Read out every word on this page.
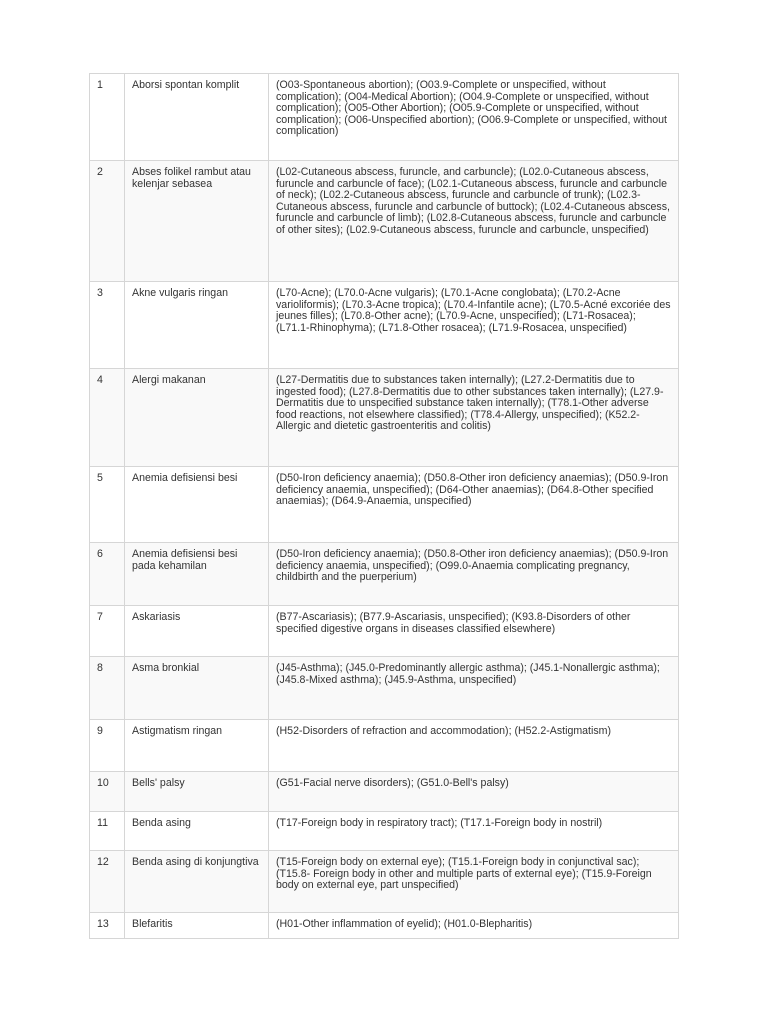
1	Aborsi spontan komplit	(O03-Spontaneous abortion); (O03.9-Complete or unspecified, without complication); (O04-Medical Abortion); (O04.9-Complete or unspecified, without complication); (O05-Other Abortion); (O05.9-Complete or unspecified, without complication); (O06-Unspecified abortion); (O06.9-Complete or unspecified, without complication)
2	Abses folikel rambut atau kelenjar sebasea	(L02-Cutaneous abscess, furuncle, and carbuncle); (L02.0-Cutaneous abscess, furuncle and carbuncle of face); (L02.1-Cutaneous abscess, furuncle and carbuncle of neck); (L02.2-Cutaneous abscess, furuncle and carbuncle of trunk); (L02.3-Cutaneous abscess, furuncle and carbuncle of buttock); (L02.4-Cutaneous abscess, furuncle and carbuncle of limb); (L02.8-Cutaneous abscess, furuncle and carbuncle of other sites); (L02.9-Cutaneous abscess, furuncle and carbuncle, unspecified)
3	Akne vulgaris ringan	(L70-Acne); (L70.0-Acne vulgaris); (L70.1-Acne conglobata); (L70.2-Acne varioliformis); (L70.3-Acne tropica); (L70.4-Infantile acne); (L70.5-Acné excoriée des jeunes filles); (L70.8-Other acne); (L70.9-Acne, unspecified); (L71-Rosacea); (L71.1-Rhinophyma); (L71.8-Other rosacea); (L71.9-Rosacea, unspecified)
4	Alergi makanan	(L27-Dermatitis due to substances taken internally); (L27.2-Dermatitis due to ingested food); (L27.8-Dermatitis due to other substances taken internally); (L27.9-Dermatitis due to unspecified substance taken internally); (T78.1-Other adverse food reactions, not elsewhere classified); (T78.4-Allergy, unspecified); (K52.2-Allergic and dietetic gastroenteritis and colitis)
5	Anemia defisiensi besi	(D50-Iron deficiency anaemia); (D50.8-Other iron deficiency anaemias); (D50.9-Iron deficiency anaemia, unspecified); (D64-Other anaemias); (D64.8-Other specified anaemias); (D64.9-Anaemia, unspecified)
6	Anemia defisiensi besi pada kehamilan	(D50-Iron deficiency anaemia); (D50.8-Other iron deficiency anaemias); (D50.9-Iron deficiency anaemia, unspecified); (O99.0-Anaemia complicating pregnancy, childbirth and the puerperium)
7	Askariasis	(B77-Ascariasis); (B77.9-Ascariasis, unspecified); (K93.8-Disorders of other specified digestive organs in diseases classified elsewhere)
8	Asma bronkial	(J45-Asthma); (J45.0-Predominantly allergic asthma); (J45.1-Nonallergic asthma); (J45.8-Mixed asthma); (J45.9-Asthma, unspecified)
9	Astigmatism ringan	(H52-Disorders of refraction and accommodation); (H52.2-Astigmatism)
10	Bells' palsy	(G51-Facial nerve disorders); (G51.0-Bell's palsy)
11	Benda asing	(T17-Foreign body in respiratory tract); (T17.1-Foreign body in nostril)
12	Benda asing di konjungtiva	(T15-Foreign body on external eye); (T15.1-Foreign body in conjunctival sac); (T15.8- Foreign body in other and multiple parts of external eye); (T15.9-Foreign body on external eye, part unspecified)
13	Blefaritis	(H01-Other inflammation of eyelid); (H01.0-Blepharitis)
